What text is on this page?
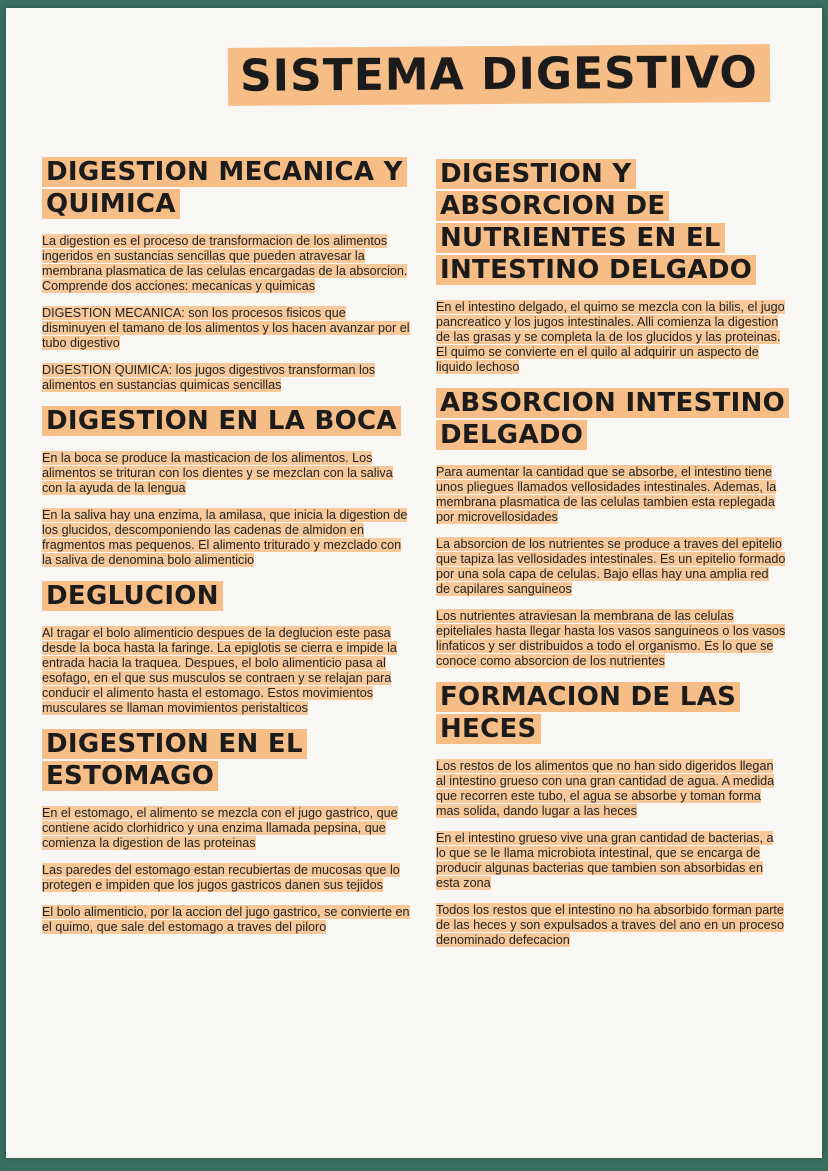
SISTEMA DIGESTIVO
DIGESTION MECANICA Y QUIMICA

La digestion es el proceso de transformacion de los alimentos ingeridos en sustancias sencillas que pueden atravesar la membrana plasmatica de las celulas encargadas de la absorcion. Comprende dos acciones: mecanicas y quimicas

DIGESTION MECANICA: son los procesos fisicos que disminuyen el tamano de los alimentos y los hacen avanzar por el tubo digestivo

DIGESTION QUIMICA: los jugos digestivos transforman los alimentos en sustancias quimicas sencillas

DIGESTION EN LA BOCA

En la boca se produce la masticacion de los alimentos. Los alimentos se trituran con los dientes y se mezclan con la saliva con la ayuda de la lengua

En la saliva hay una enzima, la amilasa, que inicia la digestion de los glucidos, descomponiendo las cadenas de almidon en fragmentos mas pequenos. El alimento triturado y mezclado con la saliva de denomina bolo alimenticio

DEGLUCION

Al tragar el bolo alimenticio despues de la deglucion este pasa desde la boca hasta la faringe. La epiglotis se cierra e impide la entrada hacia la traquea. Despues, el bolo alimenticio pasa al esofago, en el que sus musculos se contraen y se relajan para conducir el alimento hasta el estomago. Estos movimientos musculares se llaman movimientos peristalticos

DIGESTION EN EL ESTOMAGO

En el estomago, el alimento se mezcla con el jugo gastrico, que contiene acido clorhidrico y una enzima llamada pepsina, que comienza la digestion de las proteinas

Las paredes del estomago estan recubiertas de mucosas que lo protegen e impiden que los jugos gastricos danen sus tejidos

El bolo alimenticio, por la accion del jugo gastrico, se convierte en el quimo, que sale del estomago a traves del piloro

DIGESTION Y ABSORCION DE NUTRIENTES EN EL INTESTINO DELGADO

En el intestino delgado, el quimo se mezcla con la bilis, el jugo pancreatico y los jugos intestinales. Alli comienza la digestion de las grasas y se completa la de los glucidos y las proteinas. El quimo se convierte en el quilo al adquirir un aspecto de liquido lechoso

ABSORCION INTESTINO DELGADO

Para aumentar la cantidad que se absorbe, el intestino tiene unos pliegues llamados vellosidades intestinales. Ademas, la membrana plasmatica de las celulas tambien esta replegada por microvellosidades

La absorcion de los nutrientes se produce a traves del epitelio que tapiza las vellosidades intestinales. Es un epitelio formado por una sola capa de celulas. Bajo ellas hay una amplia red de capilares sanguineos

Los nutrientes atraviesan la membrana de las celulas epiteliales hasta llegar hasta los vasos sanguineos o los vasos linfaticos y ser distribuidos a todo el organismo. Es lo que se conoce como absorcion de los nutrientes

FORMACION DE LAS HECES

Los restos de los alimentos que no han sido digeridos llegan al intestino grueso con una gran cantidad de agua. A medida que recorren este tubo, el agua se absorbe y toman forma mas solida, dando lugar a las heces

En el intestino grueso vive una gran cantidad de bacterias, a lo que se le llama microbiota intestinal, que se encarga de producir algunas bacterias que tambien son absorbidas en esta zona

Todos los restos que el intestino no ha absorbido forman parte de las heces y son expulsados a traves del ano en un proceso denominado defecacion
